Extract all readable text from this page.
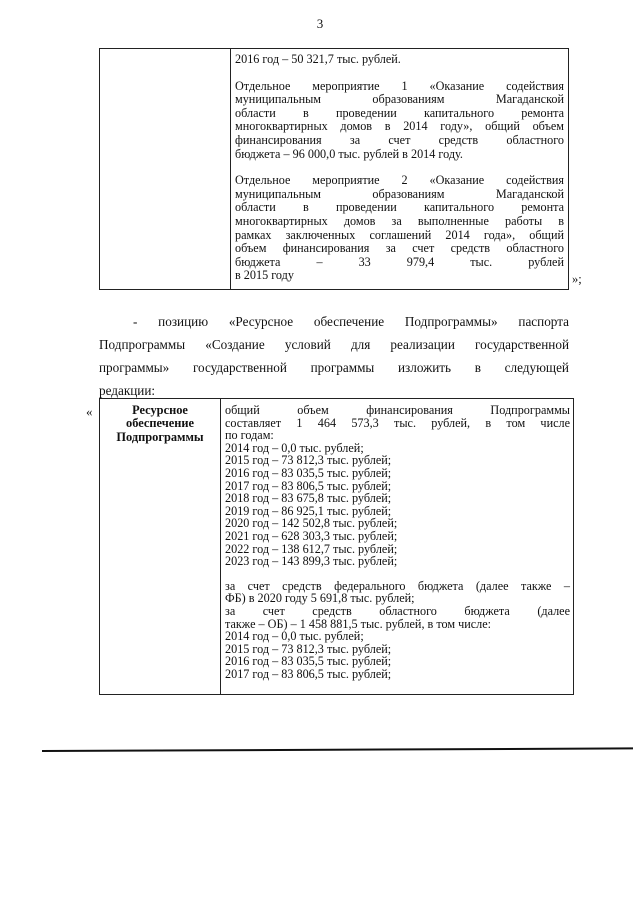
3

2016 год – 50 321,7 тыс. рублей.

Отдельное мероприятие 1 «Оказание содействия

муниципальным образованиям Магаданской

области в проведении капитального ремонта

многоквартирных домов в 2014 году», общий объем

финансирования за счет средств областного

бюджета – 96 000,0 тыс. рублей в 2014 году.

Отдельное мероприятие 2 «Оказание содействия

муниципальным образованиям Магаданской

области в проведении капитального ремонта

многоквартирных домов за выполненные работы в

рамках заключенных соглашений 2014 года», общий

объем финансирования за счет средств областного

бюджета – 33 979,4 тыс. рублей

в 2015 году	»;

- позицию «Ресурсное обеспечение Подпрограммы» паспорта

Подпрограммы «Создание условий для реализации государственной

программы» государственной программы изложить в следующей

редакции:

«	Ресурсное
обеспечение
Подпрограммы

общий объем финансирования Подпрограммы

составляет 1 464 573,3 тыс. рублей, в том числе

по годам:

2014 год – 0,0 тыс. рублей;

2015 год – 73 812,3 тыс. рублей;

2016 год – 83 035,5 тыс. рублей;

2017 год – 83 806,5 тыс. рублей;

2018 год – 83 675,8 тыс. рублей;

2019 год – 86 925,1 тыс. рублей;

2020 год – 142 502,8 тыс. рублей;

2021 год – 628 303,3 тыс. рублей;

2022 год – 138 612,7 тыс. рублей;

2023 год – 143 899,3 тыс. рублей;

за счет средств федерального бюджета (далее также –

ФБ) в 2020 году 5 691,8 тыс. рублей;

за счет средств областного бюджета (далее

также – ОБ) – 1 458 881,5 тыс. рублей, в том числе:

2014 год – 0,0 тыс. рублей;

2015 год – 73 812,3 тыс. рублей;

2016 год – 83 035,5 тыс. рублей;

2017 год – 83 806,5 тыс. рублей;
